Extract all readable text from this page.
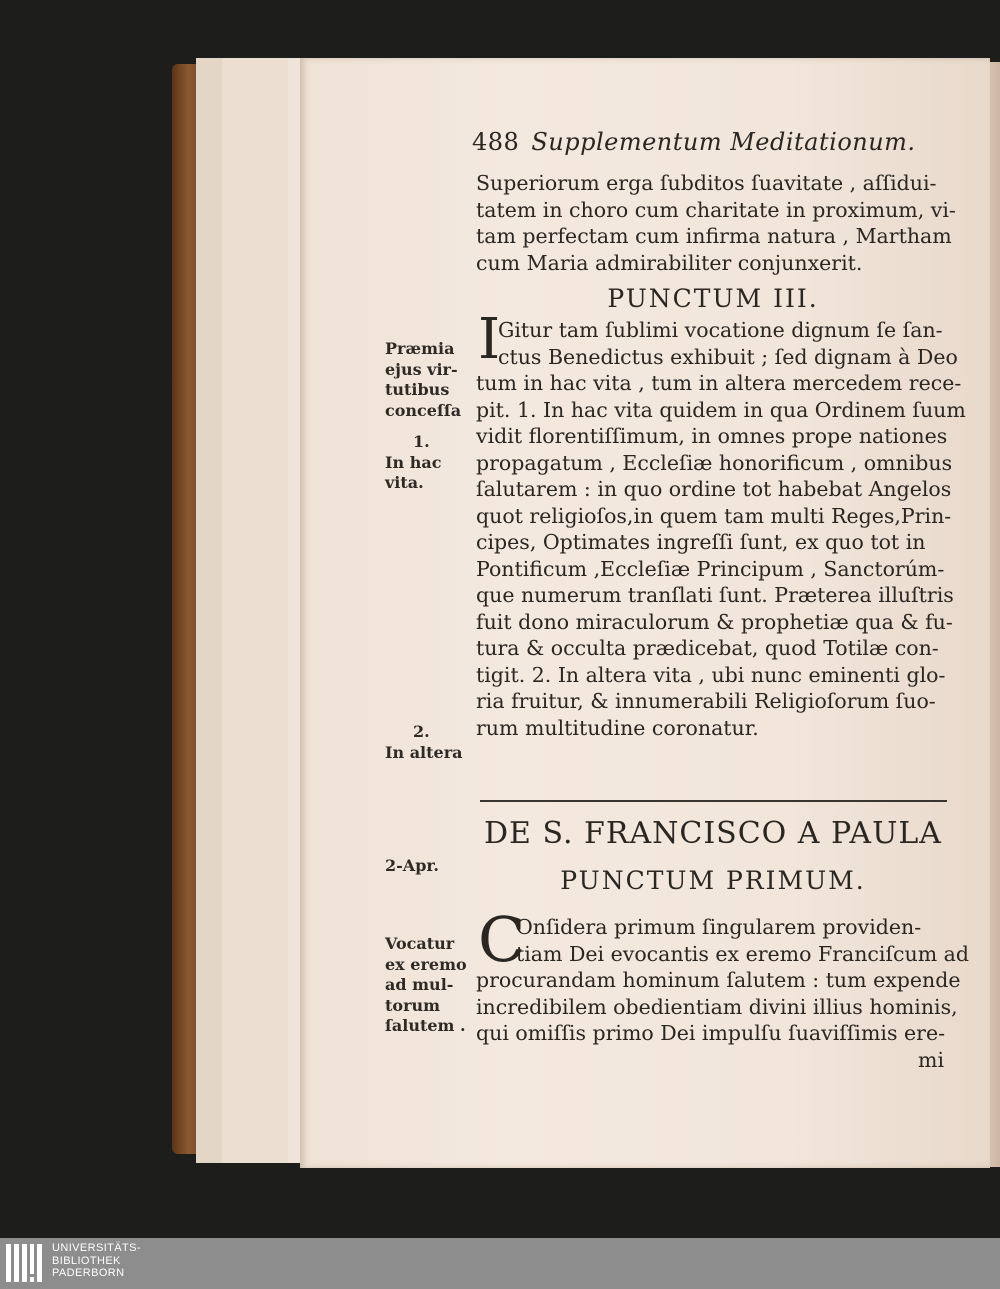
488 Supplementum Meditationum.
Superiorum erga ſubditos ſuavitate , aſſidui-
tatem in choro cum charitate in proximum, vi-
tam perfectam cum infirma natura , Martham
cum Maria admirabiliter conjunxerit.
PUNCTUM III.
I
Gitur tam ſublimi vocatione dignum ſe ſan-
ctus Benedictus exhibuit ; ſed dignam à Deo
tum in hac vita , tum in altera mercedem rece-
pit. 1. In hac vita quidem in qua Ordinem ſuum
vidit florentiſſimum, in omnes prope nationes
propagatum , Eccleſiæ honorificum , omnibus
ſalutarem : in quo ordine tot habebat Angelos
quot religioſos,in quem tam multi Reges,Prin-
cipes, Optimates ingreſſi ſunt, ex quo tot in
Pontificum ,Eccleſiæ Principum , Sanctorúm-
que numerum tranſlati ſunt. Præterea illuſtris
fuit dono miraculorum & prophetiæ qua & fu-
tura & occulta prædicebat, quod Totilæ con-
tigit. 2. In altera vita , ubi nunc eminenti glo-
ria fruitur, & innumerabili Religioſorum ſuo-
rum multitudine coronatur.
Præmia
ejus vir-
tutibus
conceſſa
1.
In hac
vita.
2.
In altera
DE S. FRANCISCO A PAULA
PUNCTUM PRIMUM.
2-Apr.
C
Onſidera primum ſingularem providen-
tiam Dei evocantis ex eremo Franciſcum ad
procurandam hominum ſalutem : tum expende
incredibilem obedientiam divini illius hominis,
qui omiſſis primo Dei impulſu ſuaviſſimis ere-
mi
Vocatur
ex eremo
ad mul-
torum
ſalutem .
UNIVERSITÄTS-
BIBLIOTHEK
PADERBORN
